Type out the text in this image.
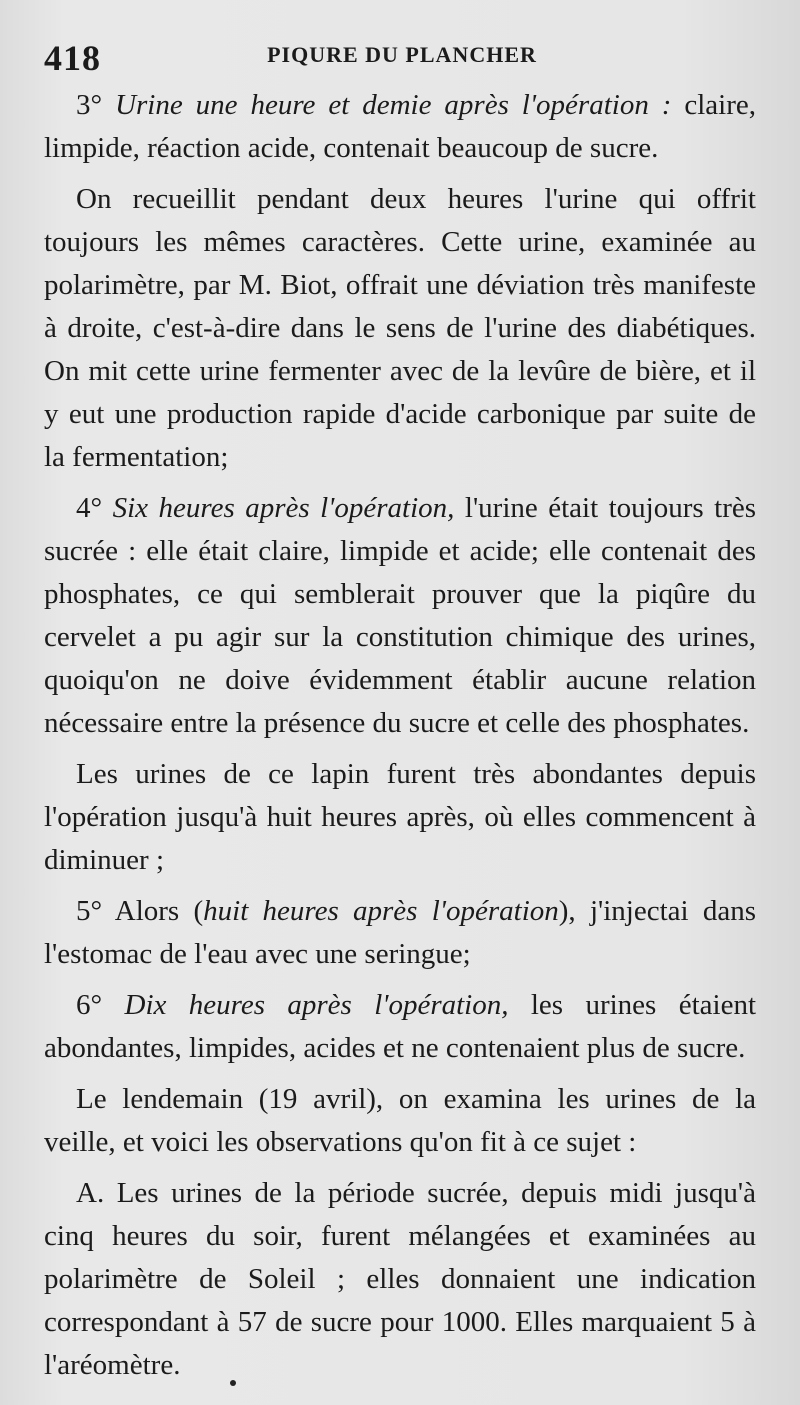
418	PIQURE DU PLANCHER

3° Urine une heure et demie après l'opération : claire, limpide, réaction acide, contenait beaucoup de sucre.

On recueillit pendant deux heures l'urine qui offrit toujours les mêmes caractères. Cette urine, examinée au polarimètre, par M. Biot, offrait une déviation très manifeste à droite, c'est-à-dire dans le sens de l'urine des diabétiques. On mit cette urine fermenter avec de la levûre de bière, et il y eut une production rapide d'acide carbonique par suite de la fermentation;

4° Six heures après l'opération, l'urine était toujours très sucrée : elle était claire, limpide et acide; elle contenait des phosphates, ce qui semblerait prouver que la piqûre du cervelet a pu agir sur la constitution chimique des urines, quoiqu'on ne doive évidemment établir aucune relation nécessaire entre la présence du sucre et celle des phosphates.

Les urines de ce lapin furent très abondantes depuis l'opération jusqu'à huit heures après, où elles commencent à diminuer ;

5° Alors (huit heures après l'opération), j'injectai dans l'estomac de l'eau avec une seringue;

6° Dix heures après l'opération, les urines étaient abondantes, limpides, acides et ne contenaient plus de sucre.

Le lendemain (19 avril), on examina les urines de la veille, et voici les observations qu'on fit à ce sujet :

A. Les urines de la période sucrée, depuis midi jusqu'à cinq heures du soir, furent mélangées et examinées au polarimètre de Soleil ; elles donnaient une indication correspondant à 57 de sucre pour 1000. Elles marquaient 5 à l'aréomètre.
